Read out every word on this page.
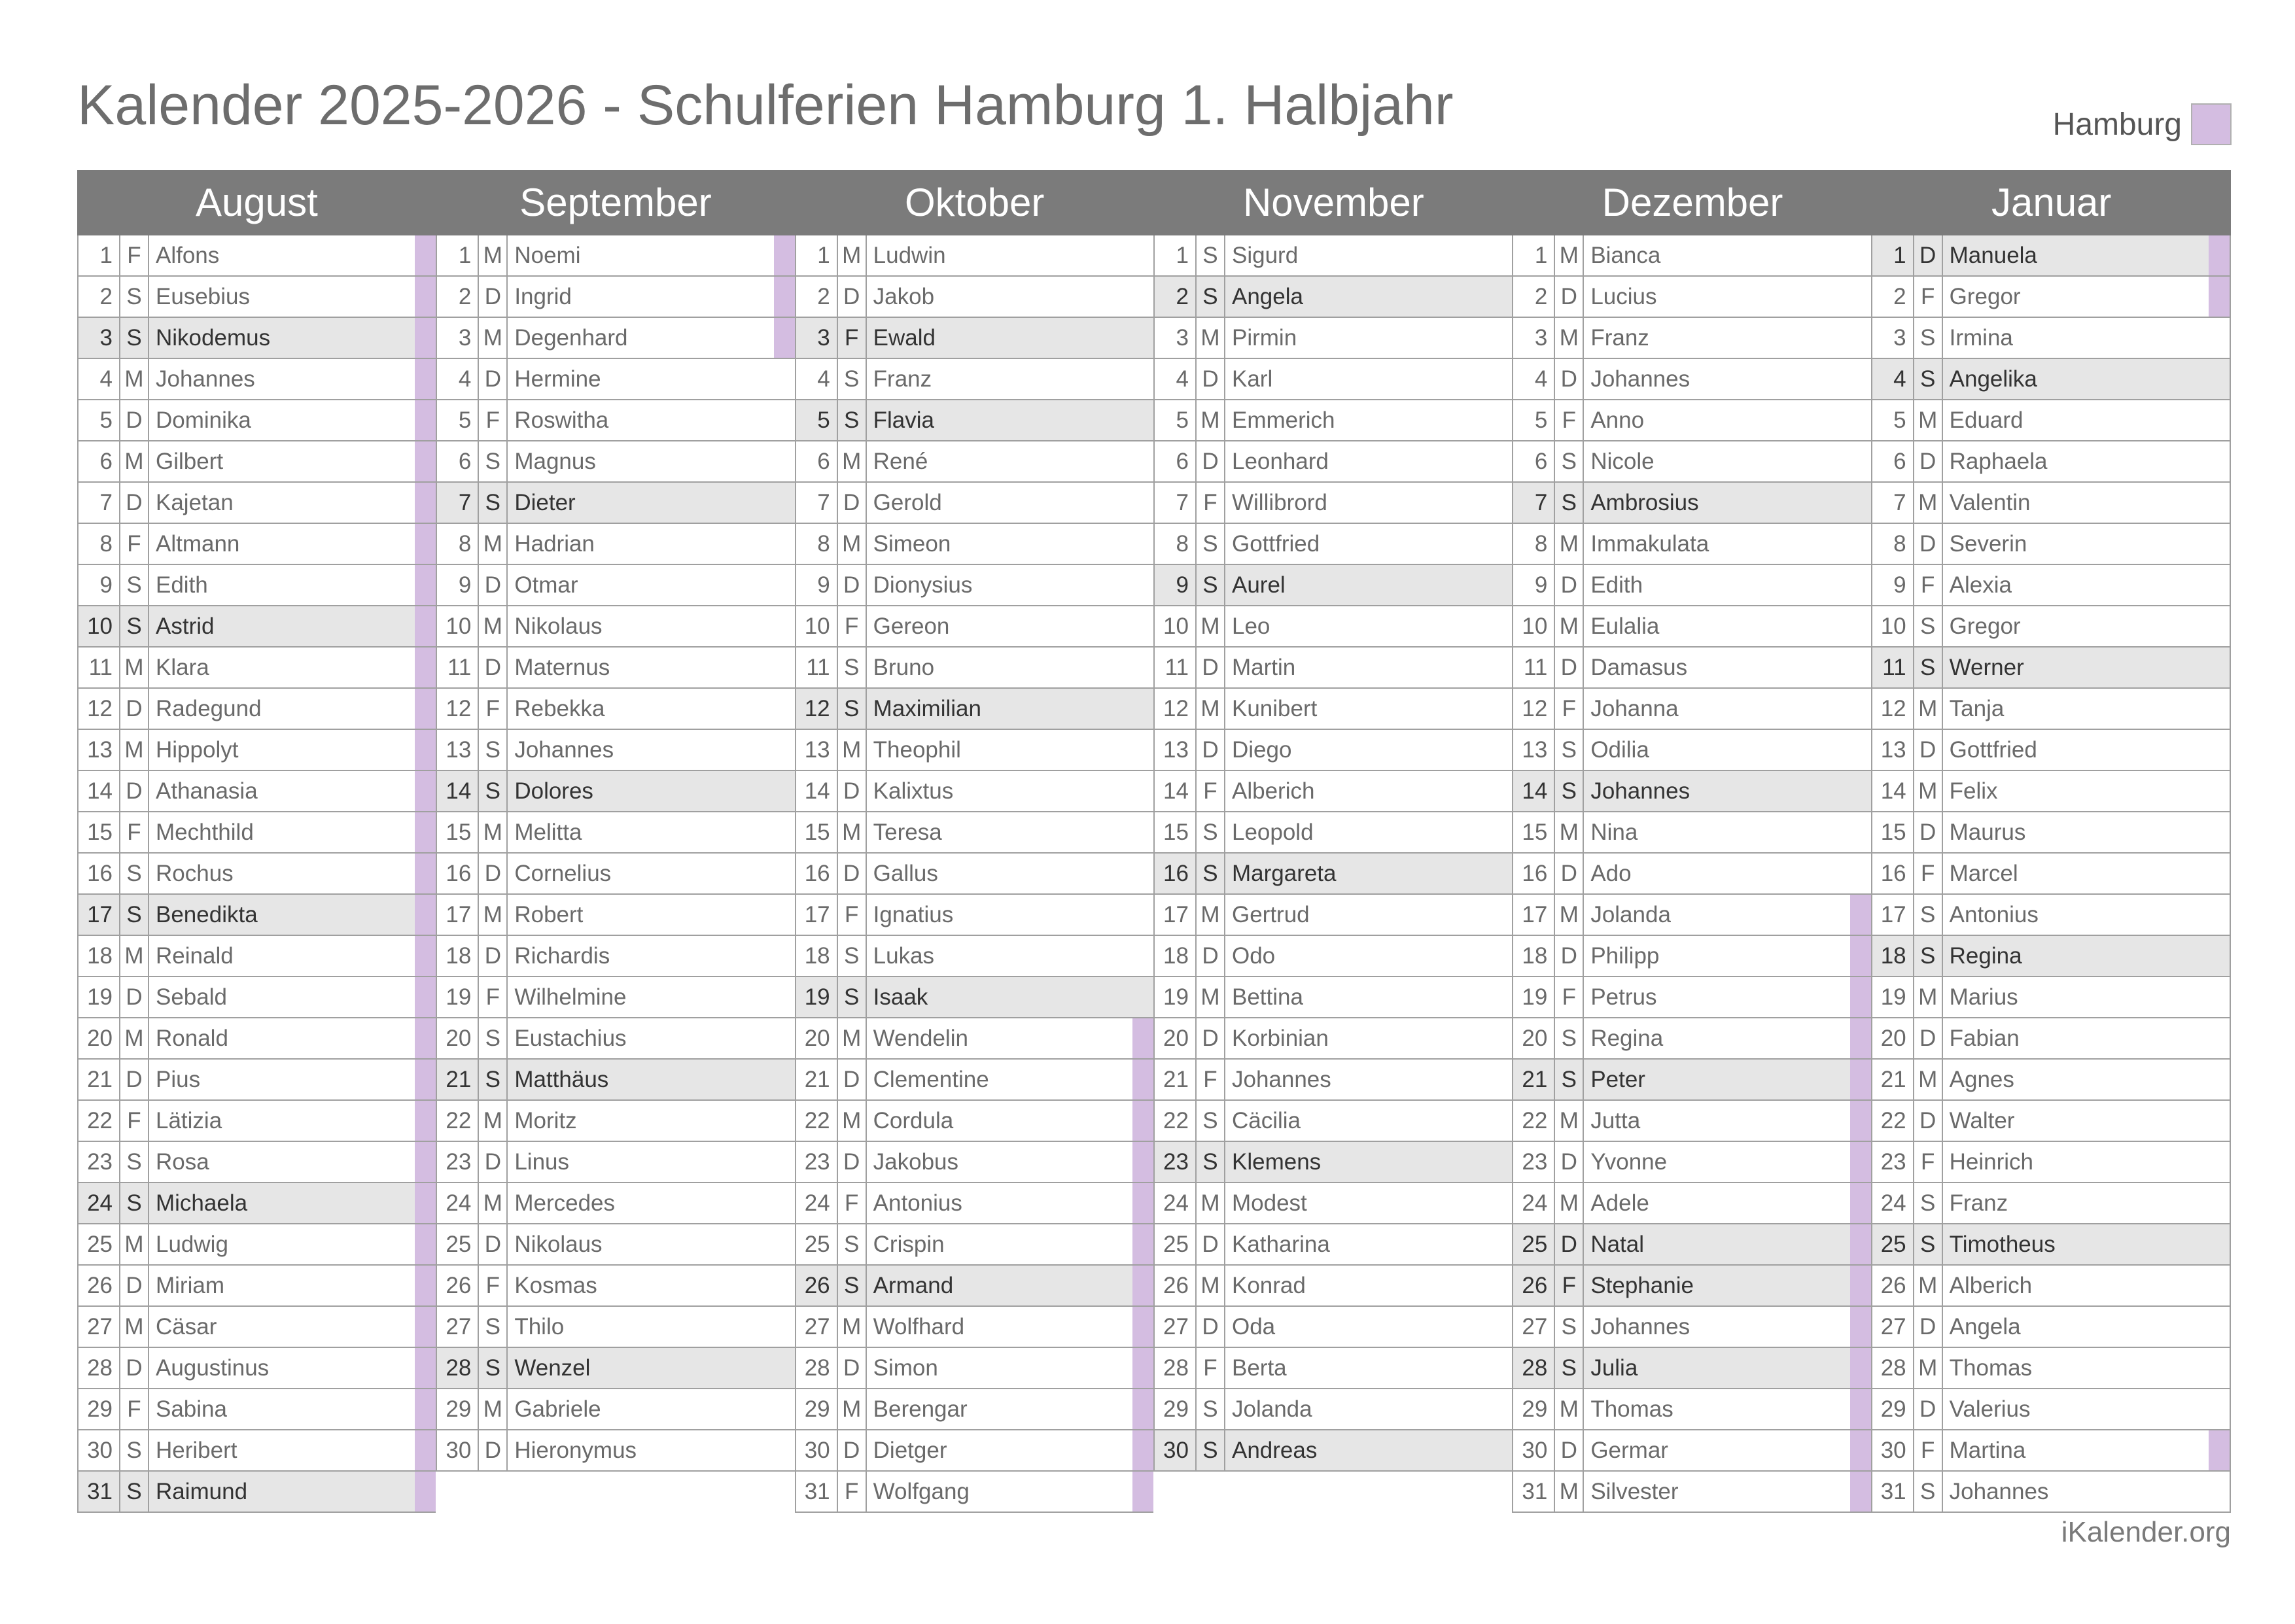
Kalender 2025-2026 - Schulferien Hamburg 1. Halbjahr	Hamburg
August	September	Oktober	November	Dezember	Januar
1 F Alfons
2 S Eusebius
3 S Nikodemus
4 M Johannes
5 D Dominika
6 M Gilbert
7 D Kajetan
8 F Altmann
9 S Edith
10 S Astrid
11 M Klara
12 D Radegund
13 M Hippolyt
14 D Athanasia
15 F Mechthild
16 S Rochus
17 S Benedikta
18 M Reinald
19 D Sebald
20 M Ronald
21 D Pius
22 F Lätizia
23 S Rosa
24 S Michaela
25 M Ludwig
26 D Miriam
27 M Cäsar
28 D Augustinus
29 F Sabina
30 S Heribert
31 S Raimund
1 M Noemi
2 D Ingrid
3 M Degenhard
4 D Hermine
5 F Roswitha
6 S Magnus
7 S Dieter
8 M Hadrian
9 D Otmar
10 M Nikolaus
11 D Maternus
12 F Rebekka
13 S Johannes
14 S Dolores
15 M Melitta
16 D Cornelius
17 M Robert
18 D Richardis
19 F Wilhelmine
20 S Eustachius
21 S Matthäus
22 M Moritz
23 D Linus
24 M Mercedes
25 D Nikolaus
26 F Kosmas
27 S Thilo
28 S Wenzel
29 M Gabriele
30 D Hieronymus
1 M Ludwin
2 D Jakob
3 F Ewald
4 S Franz
5 S Flavia
6 M René
7 D Gerold
8 M Simeon
9 D Dionysius
10 F Gereon
11 S Bruno
12 S Maximilian
13 M Theophil
14 D Kalixtus
15 M Teresa
16 D Gallus
17 F Ignatius
18 S Lukas
19 S Isaak
20 M Wendelin
21 D Clementine
22 M Cordula
23 D Jakobus
24 F Antonius
25 S Crispin
26 S Armand
27 M Wolfhard
28 D Simon
29 M Berengar
30 D Dietger
31 F Wolfgang
1 S Sigurd
2 S Angela
3 M Pirmin
4 D Karl
5 M Emmerich
6 D Leonhard
7 F Willibrord
8 S Gottfried
9 S Aurel
10 M Leo
11 D Martin
12 M Kunibert
13 D Diego
14 F Alberich
15 S Leopold
16 S Margareta
17 M Gertrud
18 D Odo
19 M Bettina
20 D Korbinian
21 F Johannes
22 S Cäcilia
23 S Klemens
24 M Modest
25 D Katharina
26 M Konrad
27 D Oda
28 F Berta
29 S Jolanda
30 S Andreas
1 M Bianca
2 D Lucius
3 M Franz
4 D Johannes
5 F Anno
6 S Nicole
7 S Ambrosius
8 M Immakulata
9 D Edith
10 M Eulalia
11 D Damasus
12 F Johanna
13 S Odilia
14 S Johannes
15 M Nina
16 D Ado
17 M Jolanda
18 D Philipp
19 F Petrus
20 S Regina
21 S Peter
22 M Jutta
23 D Yvonne
24 M Adele
25 D Natal
26 F Stephanie
27 S Johannes
28 S Julia
29 M Thomas
30 D Germar
31 M Silvester
1 D Manuela
2 F Gregor
3 S Irmina
4 S Angelika
5 M Eduard
6 D Raphaela
7 M Valentin
8 D Severin
9 F Alexia
10 S Gregor
11 S Werner
12 M Tanja
13 D Gottfried
14 M Felix
15 D Maurus
16 F Marcel
17 S Antonius
18 S Regina
19 M Marius
20 D Fabian
21 M Agnes
22 D Walter
23 F Heinrich
24 S Franz
25 S Timotheus
26 M Alberich
27 D Angela
28 M Thomas
29 D Valerius
30 F Martina
31 S Johannes
iKalender.org
